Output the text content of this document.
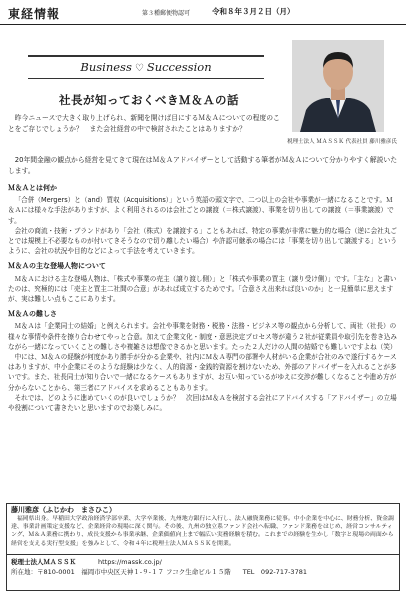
東経情報	第３種郵便物認可	令和８年３月２日（月）
Business ♡ Succession
社長が知っておくべきＭ＆Ａの話
税理士法人 ＭＡＳＳＫ 代表社員 藤川雅彦氏

昨今ニュースで大きく取り上げられ、新聞を開けば目にするＭ＆Ａについての程度のことをご存じでしょうか？　また会社経営の中で検討されたことはありますか？

20年間金融の観点から経営を見てきて現在はＭ＆Ａアドバイザーとして活動する筆者がＭ＆Ａについて分かりやすく解説いたします。

Ｍ＆Ａとは何か

「合併（Mergers）と（and）買収（Acquisitions）」という英語の頭文字で、二つ以上の会社や事業が一緒になることです。Ｍ＆Ａには様々な手法がありますが、よく利用されるのは会社ごとの譲渡（＝株式譲渡）、事業を切り出しての譲渡（＝事業譲渡）です。

会社の商流・技術・ブランドがあり「会社（株式）を譲渡する」こともあれば、特定の事業が非常に魅力的な場合（逆に会社丸ごとでは規模上不必要なものが付いてきそうなので切り離したい場合）や許認可継承の場合には「事業を切り出して譲渡する」というように、会社の状況や目的などによって手法を考えていきます。

Ｍ＆Ａの主な登場人物について

Ｍ＆Ａにおける主な登場人物は、「株式や事業の売主（譲り渡し側）」と「株式や事業の買主（譲り受け側）」です。「主な」と書いたのは、究極的には「売主と買主二社間の合意」があれば成立するためです。「合意さえ出来れば良いのか」と一見簡単に思えますが、実は難しい点もここにあります。

Ｍ＆Ａの難しさ

Ｍ＆Ａは「企業同士の結婚」と例えられます。会社や事業を財務・税務・法務・ビジネス等の観点から分析して、両社（社長）の様々な事情や条件を擦り合わせてやっと合意。加えて企業文化・制度・意思決定プロセス等が違う２社が従業員や取引先を巻き込みながら一緒になっていくことの難しさや複雑さは想像できるかと思います。たった２人だけの人間の結婚でも難しいですよね（笑）

中には、Ｍ＆Ａの経験が何度かあり勝手が分かる企業や、社内にＭ＆Ａ専門の部署や人材がいる企業が合社のみで遂行するケースはありますが、中小企業にそのような経験は少なく、人的資源・金銭的資源を割けないため、外部のアドバイザーを入れることが多いです。また、社長同士が知り合いで一緒になるケースもありますが、お互い知っているがゆえに交渉が難しくなることや進め方が分からないことから、第三者にアドバイスを求めることもあります。

それでは、どのように進めていくのが良いでしょうか？　次回はＭ＆Ａを検討する会社にアドバイスする「アドバイザー」の立場や役割について書きたいと思いますのでお楽しみに。

藤川雅彦（ふじかわ　まさひこ）

福岡県出身。早稲田大学政治経済学部卒業、大学卒業後、九州地方銀行に入行し、法人融資業務に従事。中小企業を中心に、財務分析、資金調達、事業計画策定支援など、企業経営の現場に深く関与。その後、九州の独立系ファンド会社へ転職、ファンド業務をはじめ、経営コンサルティング、Ｍ＆Ａ業務に携わり、成長支援から事業承継、企業価値向上まで幅広い実務経験を積む。これまでの経験を生かし「数字と現場の両面から経営を支える実行型支援」を強みとして、令和４年に税理士法人ＭＡＳＳＫを開業。

税理士法人ＭＡＳＳＫ	https://massk.co.jp/
所在地：〒810-0001　福岡市中央区天神１-９-１７ フコク生命ビル１５階 TEL　092-717-3781
